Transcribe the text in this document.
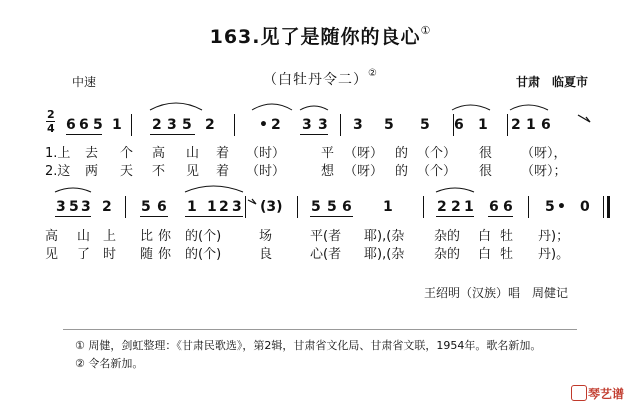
163.见了是随你的良心①
（白牡丹令二）②
中速	甘肃　临夏市
2
4 6 6 5 1 2 3 5 2	• 2 3 3 3 5 5 6 1 2 1 6
1.上 去 个 高 山 着 （时）	平 （呀） 的 （个） 很 （呀），
2.这 两 天 不 见 着 （时）	想 （呀） 的 （个） 很 （呀）；
3 5 3 2 5 6 1 1 2 3 (3) 5 5 6 1	2 2 1 6 6 5 • 0
高 山 上 比 你 的(个)	场	平(者 耶),(杂 杂的 白 牡 丹)；
见 了 时 随 你 的(个)	良	心(者 耶),(杂 杂的 白 牡 丹)。
王绍明（汉族）唱　周健记
① 周健，剑虹整理：《甘肃民歌选》，第2辑，甘肃省文化局、甘肃省文联，1954年。歌名新加。
② 令名新加。
琴艺谱
